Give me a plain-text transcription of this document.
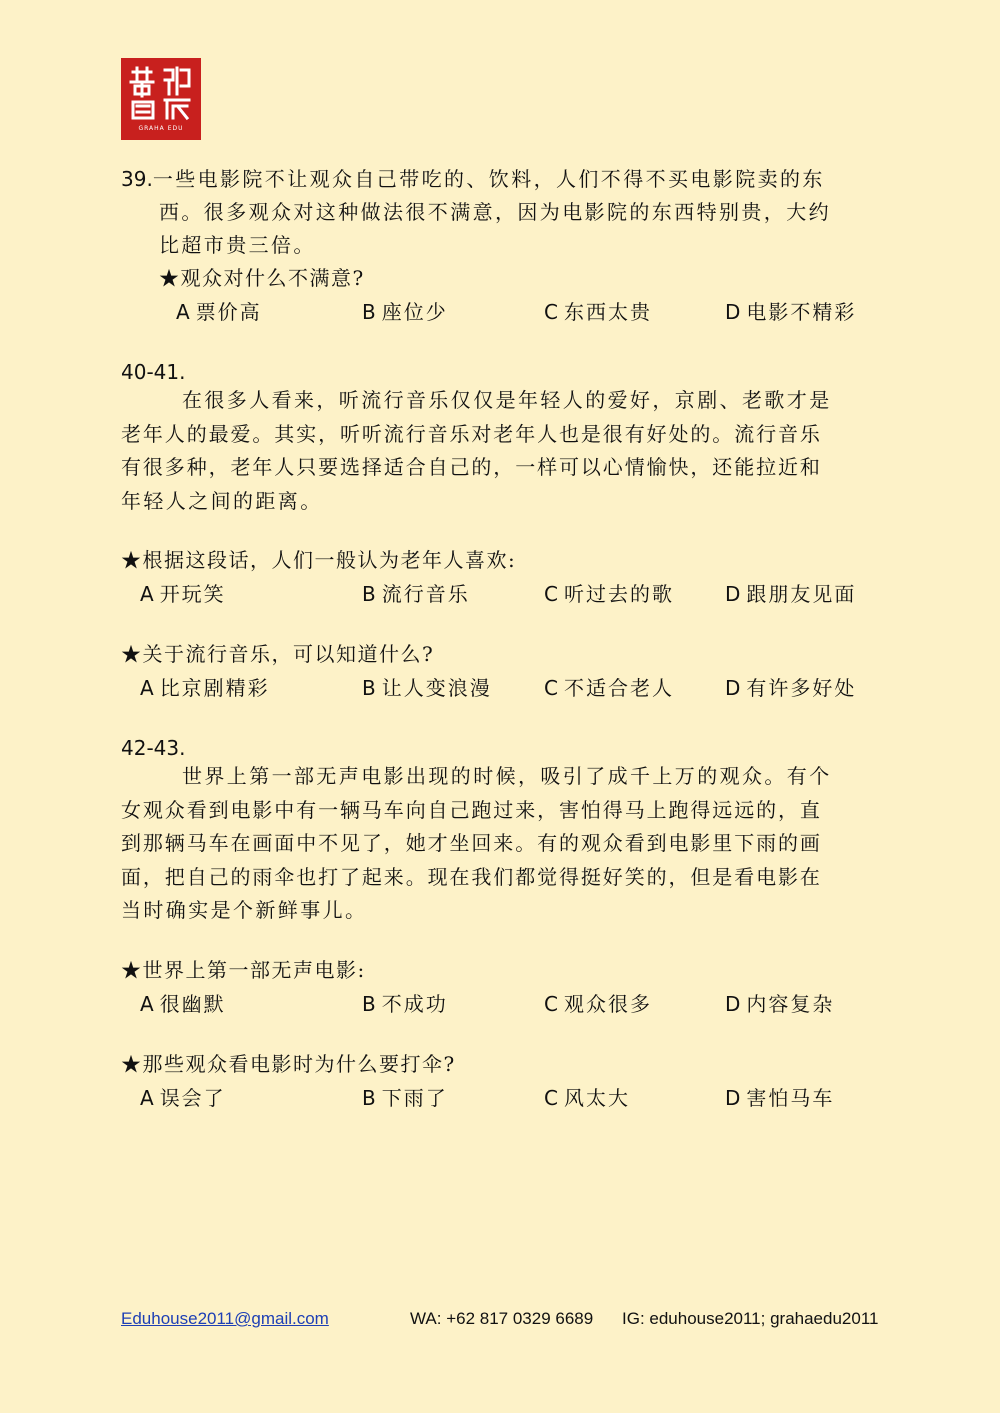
GRAHA EDU
39.一些电影院不让观众自己带吃的、饮料，人们不得不买电影院卖的东
西。很多观众对这种做法很不满意，因为电影院的东西特别贵，大约
比超市贵三倍。
★观众对什么不满意?
A 票价高	B 座位少	C 东西太贵	D 电影不精彩
40-41.
在很多人看来，听流行音乐仅仅是年轻人的爱好，京剧、老歌才是
老年人的最爱。其实，听听流行音乐对老年人也是很有好处的。流行音乐
有很多种，老年人只要选择适合自己的，一样可以心情愉快，还能拉近和
年轻人之间的距离。
★根据这段话，人们一般认为老年人喜欢:
A 开玩笑	B 流行音乐	C 听过去的歌	D 跟朋友见面
★关于流行音乐，可以知道什么?
A 比京剧精彩	B 让人变浪漫	C 不适合老人	D 有许多好处
42-43.
世界上第一部无声电影出现的时候，吸引了成千上万的观众。有个
女观众看到电影中有一辆马车向自己跑过来，害怕得马上跑得远远的，直
到那辆马车在画面中不见了，她才坐回来。有的观众看到电影里下雨的画
面，把自己的雨伞也打了起来。现在我们都觉得挺好笑的，但是看电影在
当时确实是个新鲜事儿。
★世界上第一部无声电影:
A 很幽默	B 不成功	C 观众很多	D 内容复杂
★那些观众看电影时为什么要打伞?
A 误会了	B 下雨了	C 风太大	D 害怕马车
Eduhouse2011@gmail.com	WA: +62 817 0329 6689 IG: eduhouse2011; grahaedu2011
